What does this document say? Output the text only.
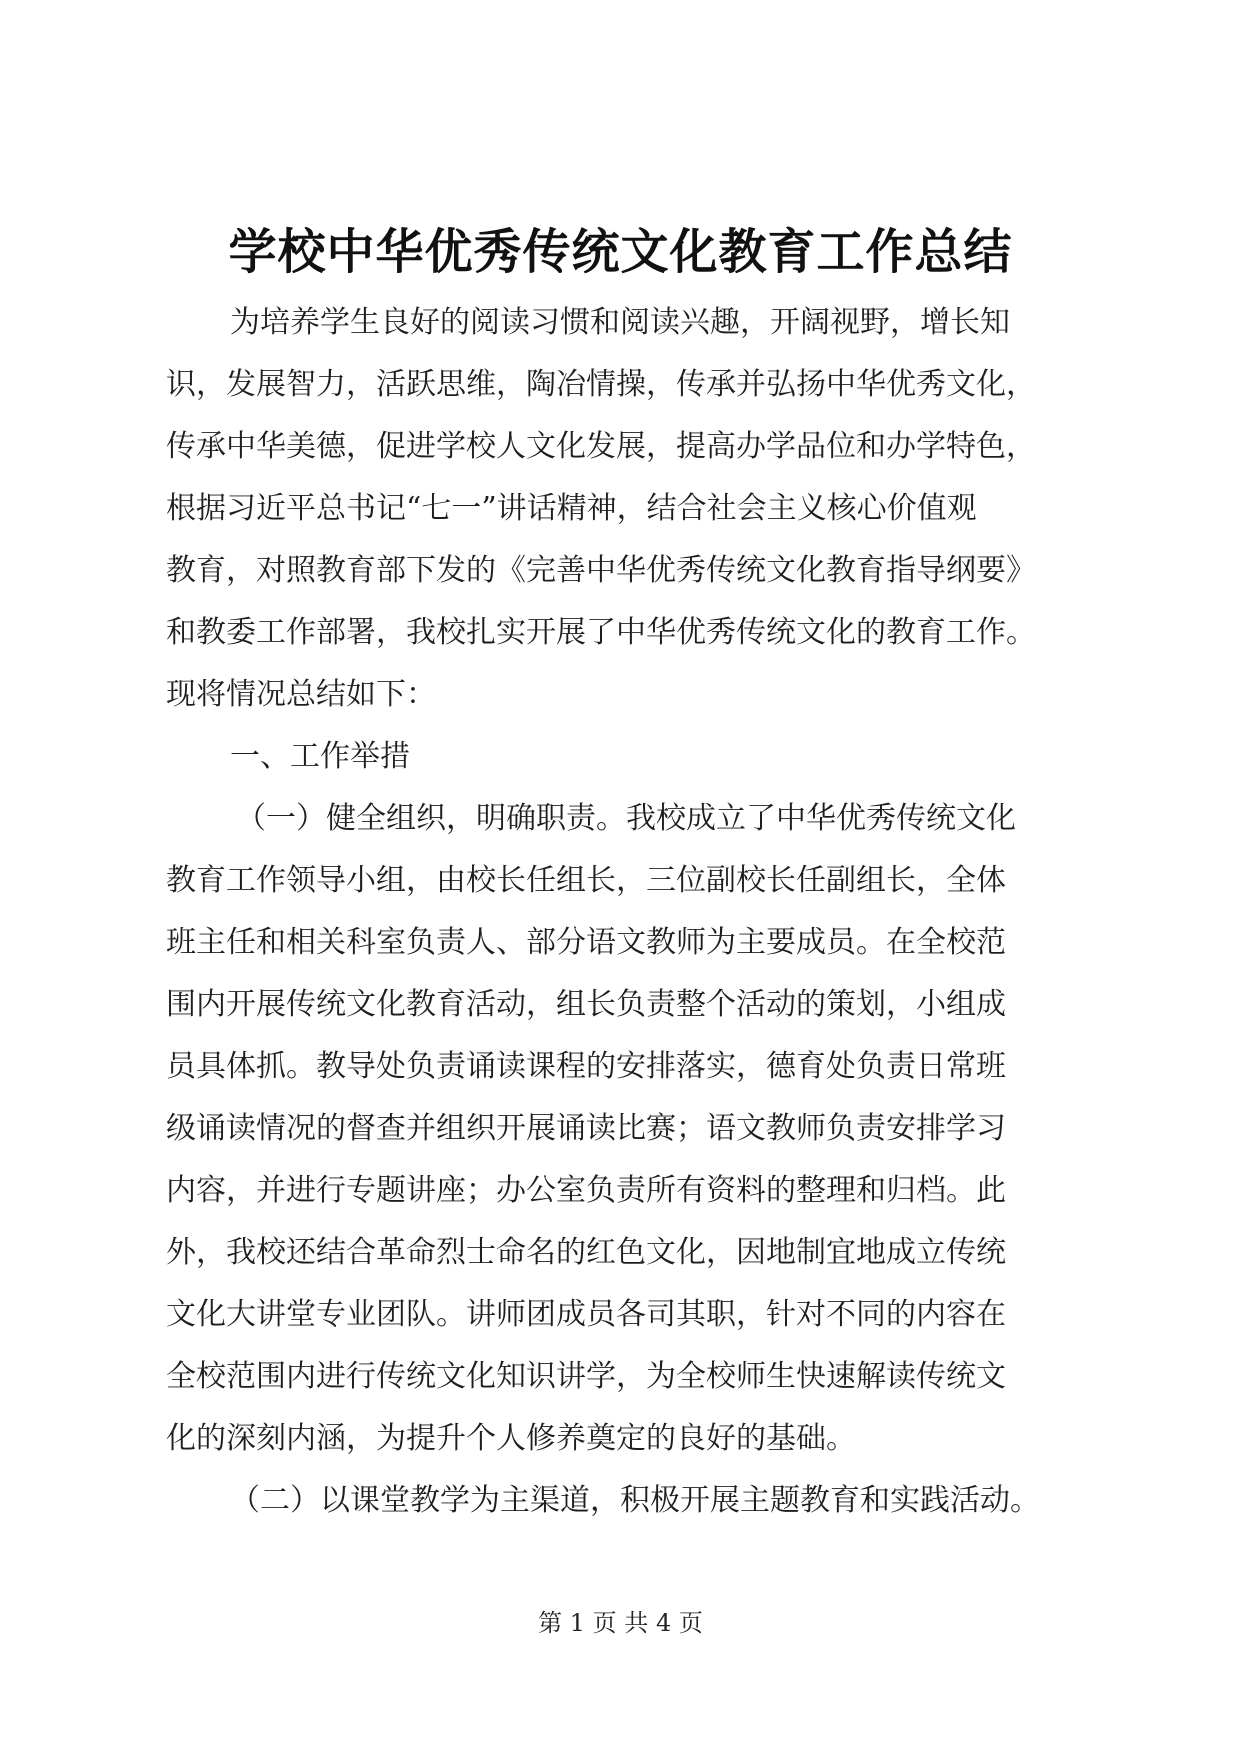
学校中华优秀传统文化教育工作总结
为培养学生良好的阅读习惯和阅读兴趣，开阔视野，增长知
识，发展智力，活跃思维，陶冶情操，传承并弘扬中华优秀文化，
传承中华美德，促进学校人文化发展，提高办学品位和办学特色，
根据习近平总书记“七一”讲话精神，结合社会主义核心价值观
教育，对照教育部下发的《完善中华优秀传统文化教育指导纲要》
和教委工作部署，我校扎实开展了中华优秀传统文化的教育工作。
现将情况总结如下：
一、工作举措
（一）健全组织，明确职责。我校成立了中华优秀传统文化
教育工作领导小组，由校长任组长，三位副校长任副组长，全体
班主任和相关科室负责人、部分语文教师为主要成员。在全校范
围内开展传统文化教育活动，组长负责整个活动的策划，小组成
员具体抓。教导处负责诵读课程的安排落实，德育处负责日常班
级诵读情况的督查并组织开展诵读比赛；语文教师负责安排学习
内容，并进行专题讲座；办公室负责所有资料的整理和归档。此
外，我校还结合革命烈士命名的红色文化，因地制宜地成立传统
文化大讲堂专业团队。讲师团成员各司其职，针对不同的内容在
全校范围内进行传统文化知识讲学，为全校师生快速解读传统文
化的深刻内涵，为提升个人修养奠定的良好的基础。
（二）以课堂教学为主渠道，积极开展主题教育和实践活动。
第 1 页 共 4 页
